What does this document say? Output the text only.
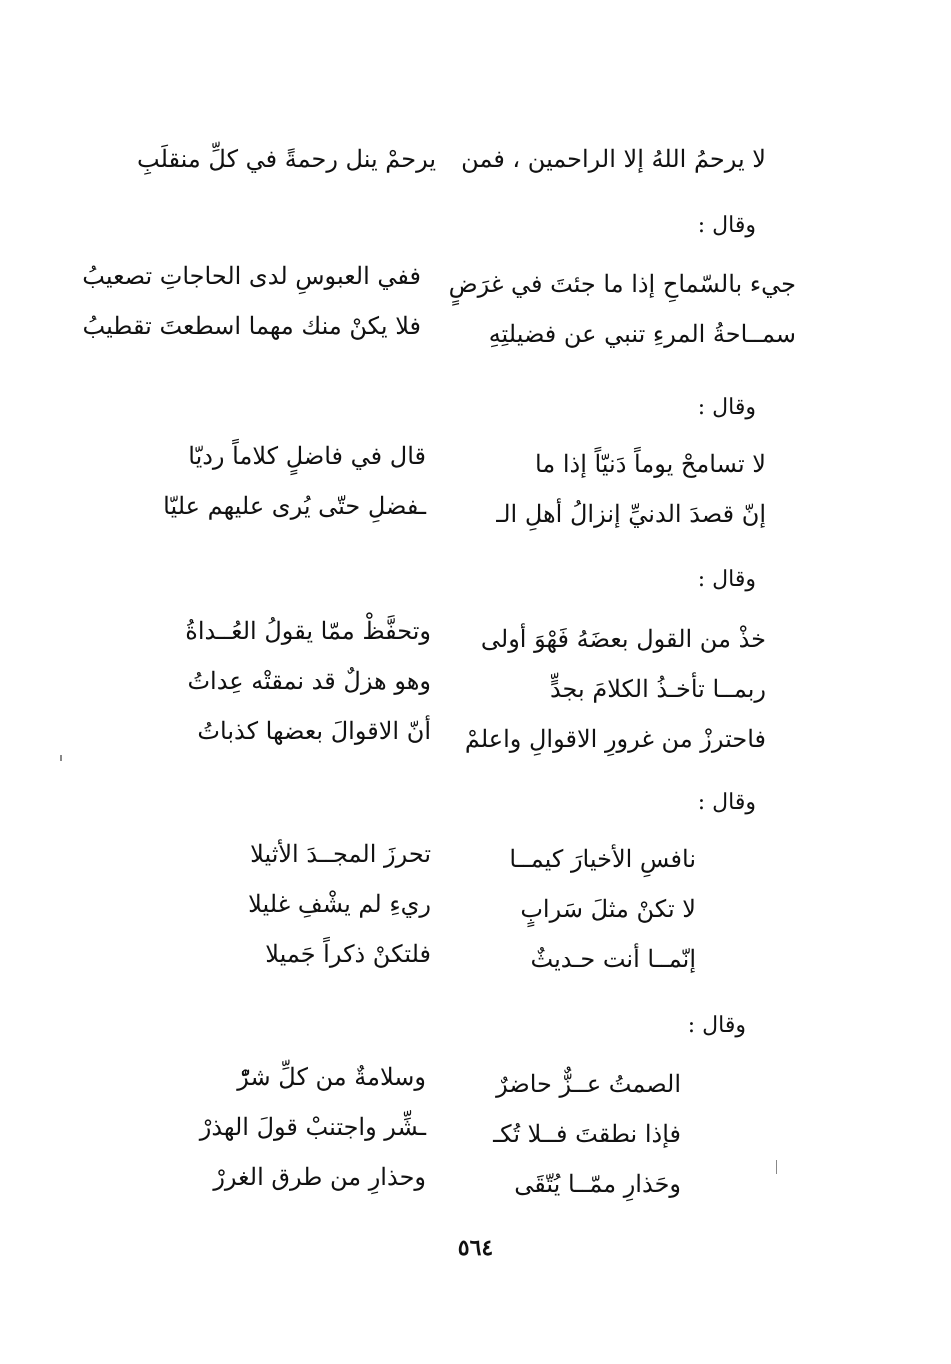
لا يرحمُ اللهُ إلا الراحمين ، فمن
يرحمْ ينل رحمةً في كلِّ منقلَبِ
وقال :
جيء بالسّماحِ إذا ما جئتَ في غرَضٍ
ففي العبوسِ لدى الحاجاتِ تصعيبُ
سمــاحةُ المرءِ تنبي عن فضيلتِهِ
فلا يكنْ منك مهما اسطعتَ تقطيبُ
وقال :
لا تسامحْ يوماً دَنيّاً إذا ما
قال في فاضلٍ كلاماً رديّا
إنّ قصدَ الدنيِّ إنزالُ أهلِ الـ
ـفضلِ حتّى يُرى عليهم عليّا
وقال :
خذْ من القول بعضَهُ فَهْوَ أولى
وتحفَّظْ ممّا يقولُ العُــداةُ
ربمــا تأخـذُ الكلامَ بجدٍّ
وهو هزلٌ قد نمقتْه عِداتُ
فاحترزْ من غرورِ الاقوالِ واعلمْ
أنّ الاقوالَ بعضها كذباتُ
وقال :
نافسِ الأخيارَ كيمــا
تحرزَ المجــدَ الأثيلا
لا تكنْ مثلَ سَرابٍ
ريءِ لم يشْفِ غليلا
إنّمــا أنت حـديثٌ
فلتكنْ ذكراً جَميلا
وقال :
الصمتُ عــزٌّ حاضرٌ
وسلامةٌ من كلِّ شرّْ
فإذا نطقتَ فــلا تُكـ
ـشِّر واجتنبْ قولَ الهذرْ
وحَذارِ ممّــا يُتّقَى
وحذارِ من طرق الغررْ
٥٦٤
